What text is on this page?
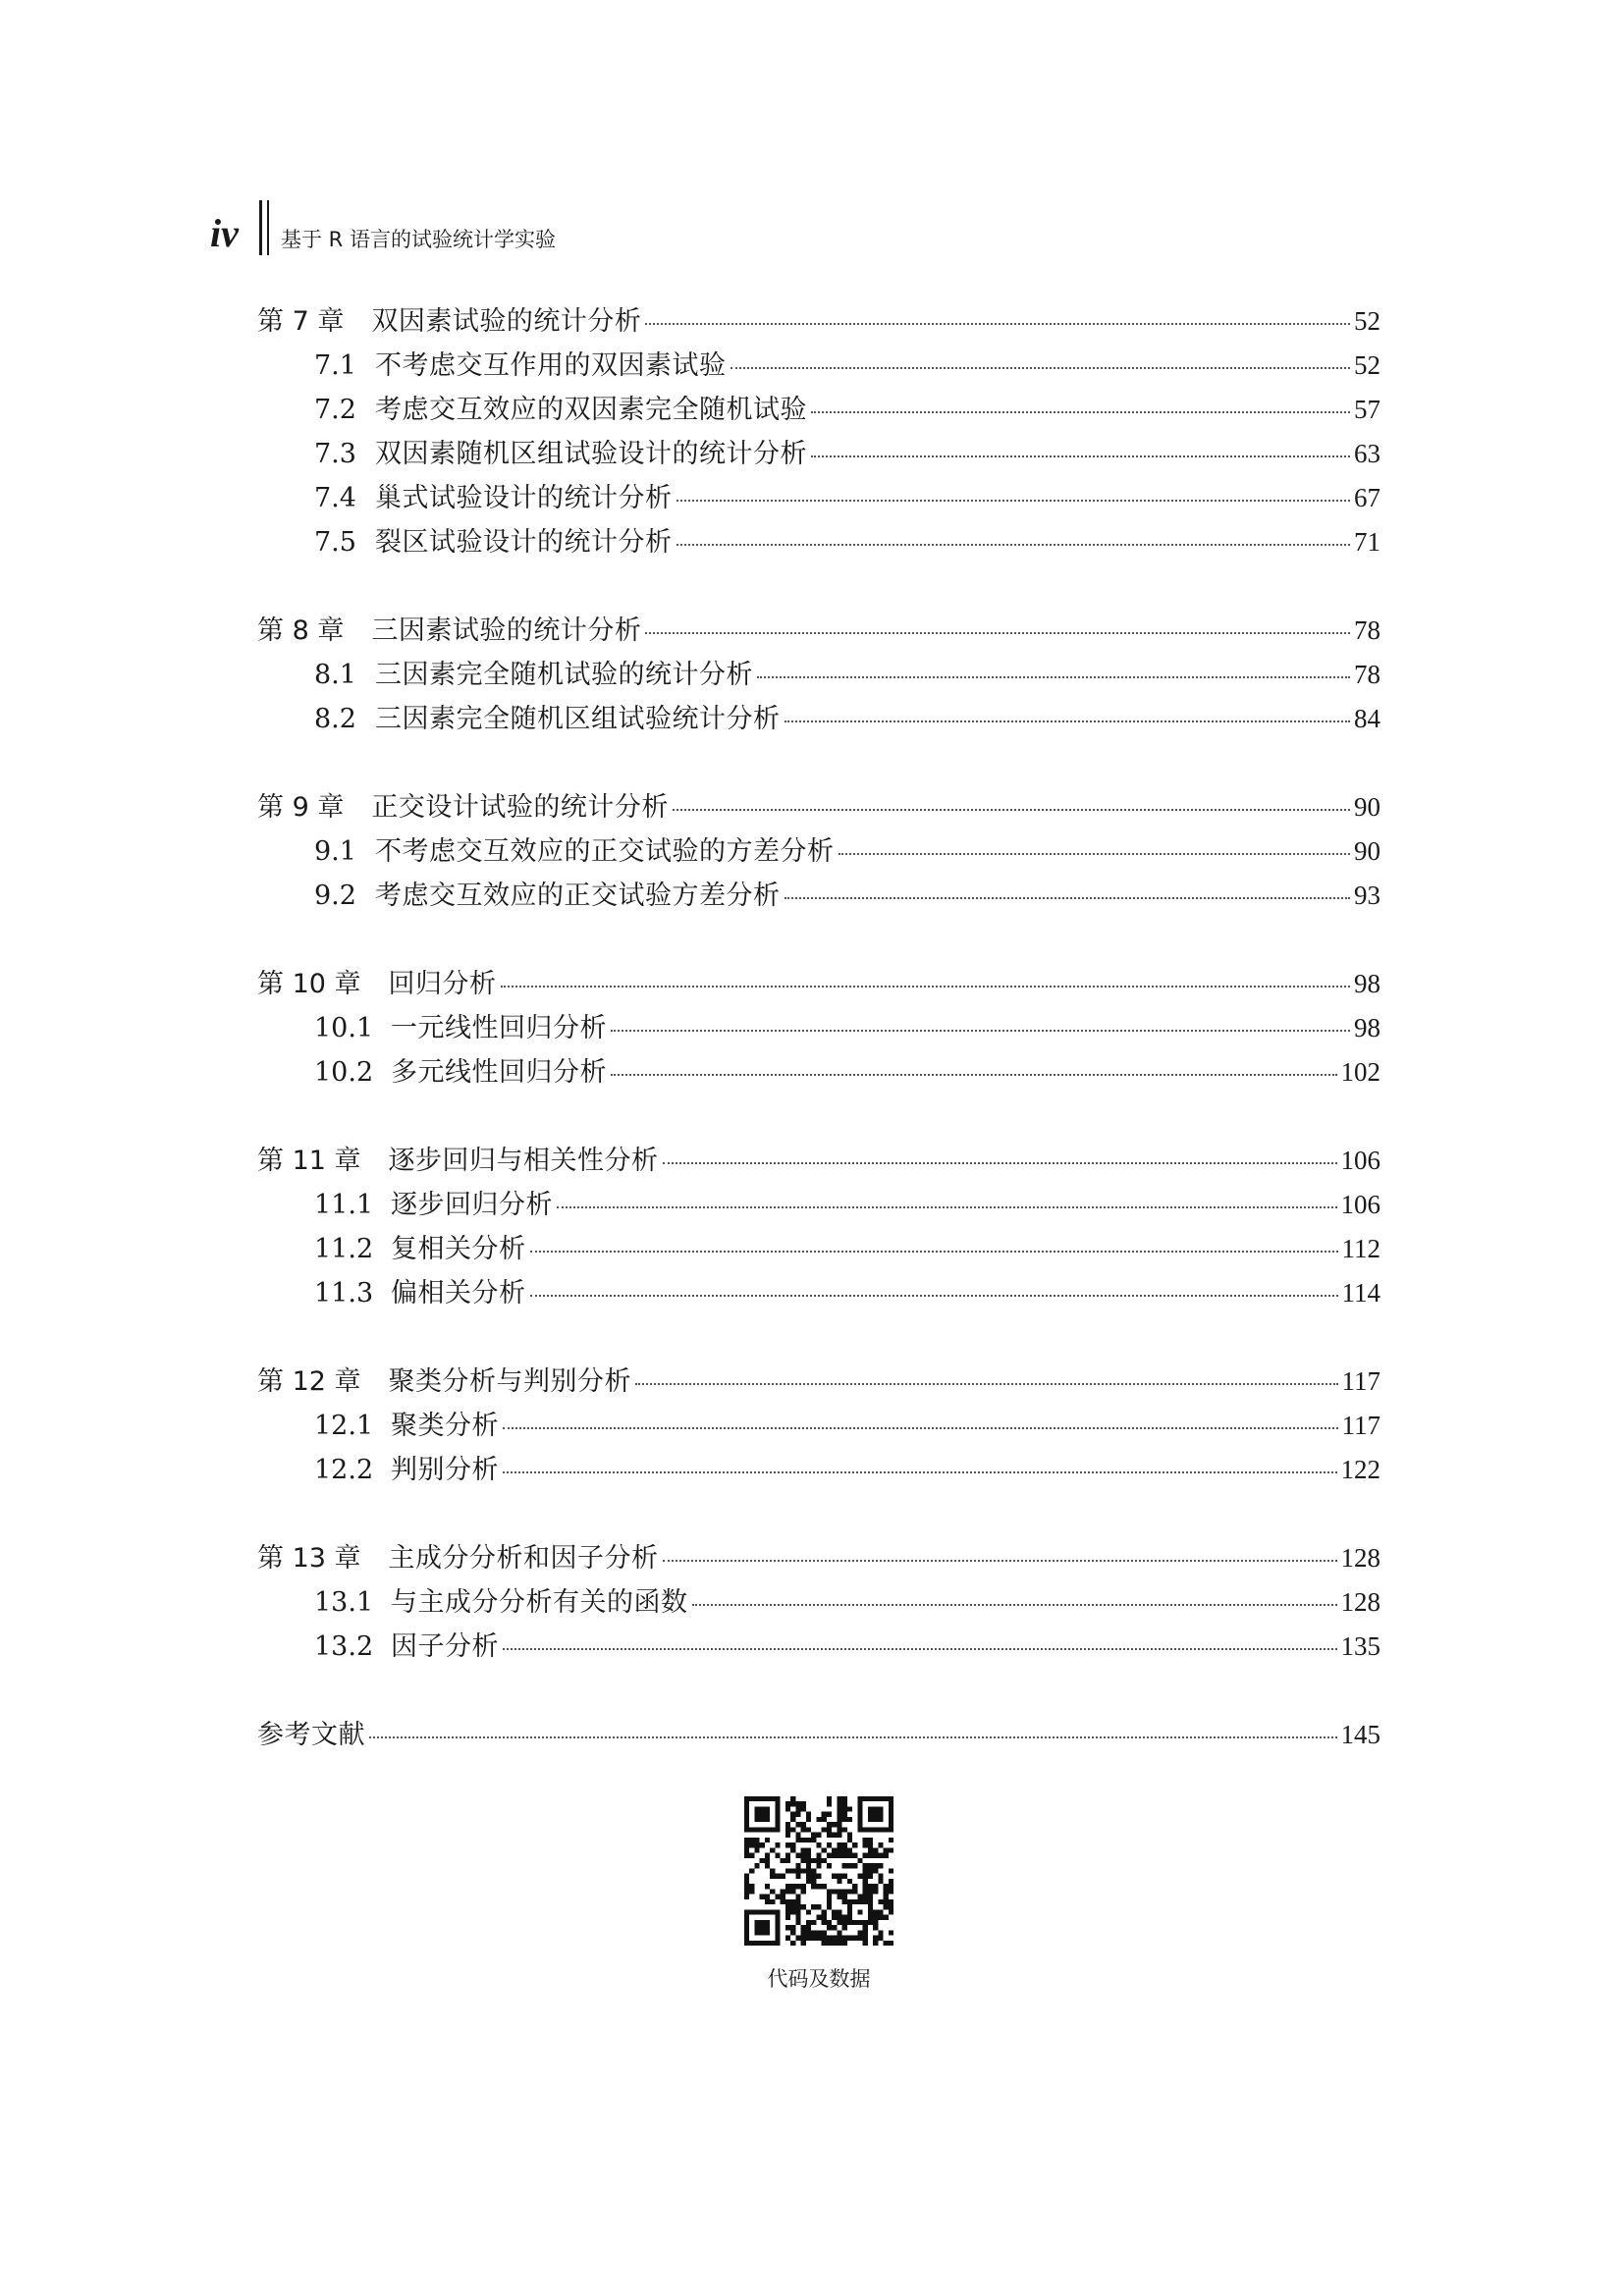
iv 基于 R 语言的试验统计学实验
第 7 章	双因素试验的统计分析	52
7.1 不考虑交互作用的双因素试验	52
7.2 考虑交互效应的双因素完全随机试验	57
7.3 双因素随机区组试验设计的统计分析	63
7.4 巢式试验设计的统计分析	67
7.5 裂区试验设计的统计分析	71
第 8 章	三因素试验的统计分析	78
8.1 三因素完全随机试验的统计分析	78
8.2 三因素完全随机区组试验统计分析	84
第 9 章	正交设计试验的统计分析	90
9.1 不考虑交互效应的正交试验的方差分析	90
9.2 考虑交互效应的正交试验方差分析	93
第 10 章	回归分析	98
10.1 一元线性回归分析	98
10.2 多元线性回归分析	102
第 11 章	逐步回归与相关性分析	106
11.1 逐步回归分析	106
11.2 复相关分析	112
11.3 偏相关分析	114
第 12 章	聚类分析与判别分析	117
12.1 聚类分析	117
12.2 判别分析	122
第 13 章	主成分分析和因子分析	128
13.1 与主成分分析有关的函数	128
13.2 因子分析	135
参考文献	145
代码及数据
